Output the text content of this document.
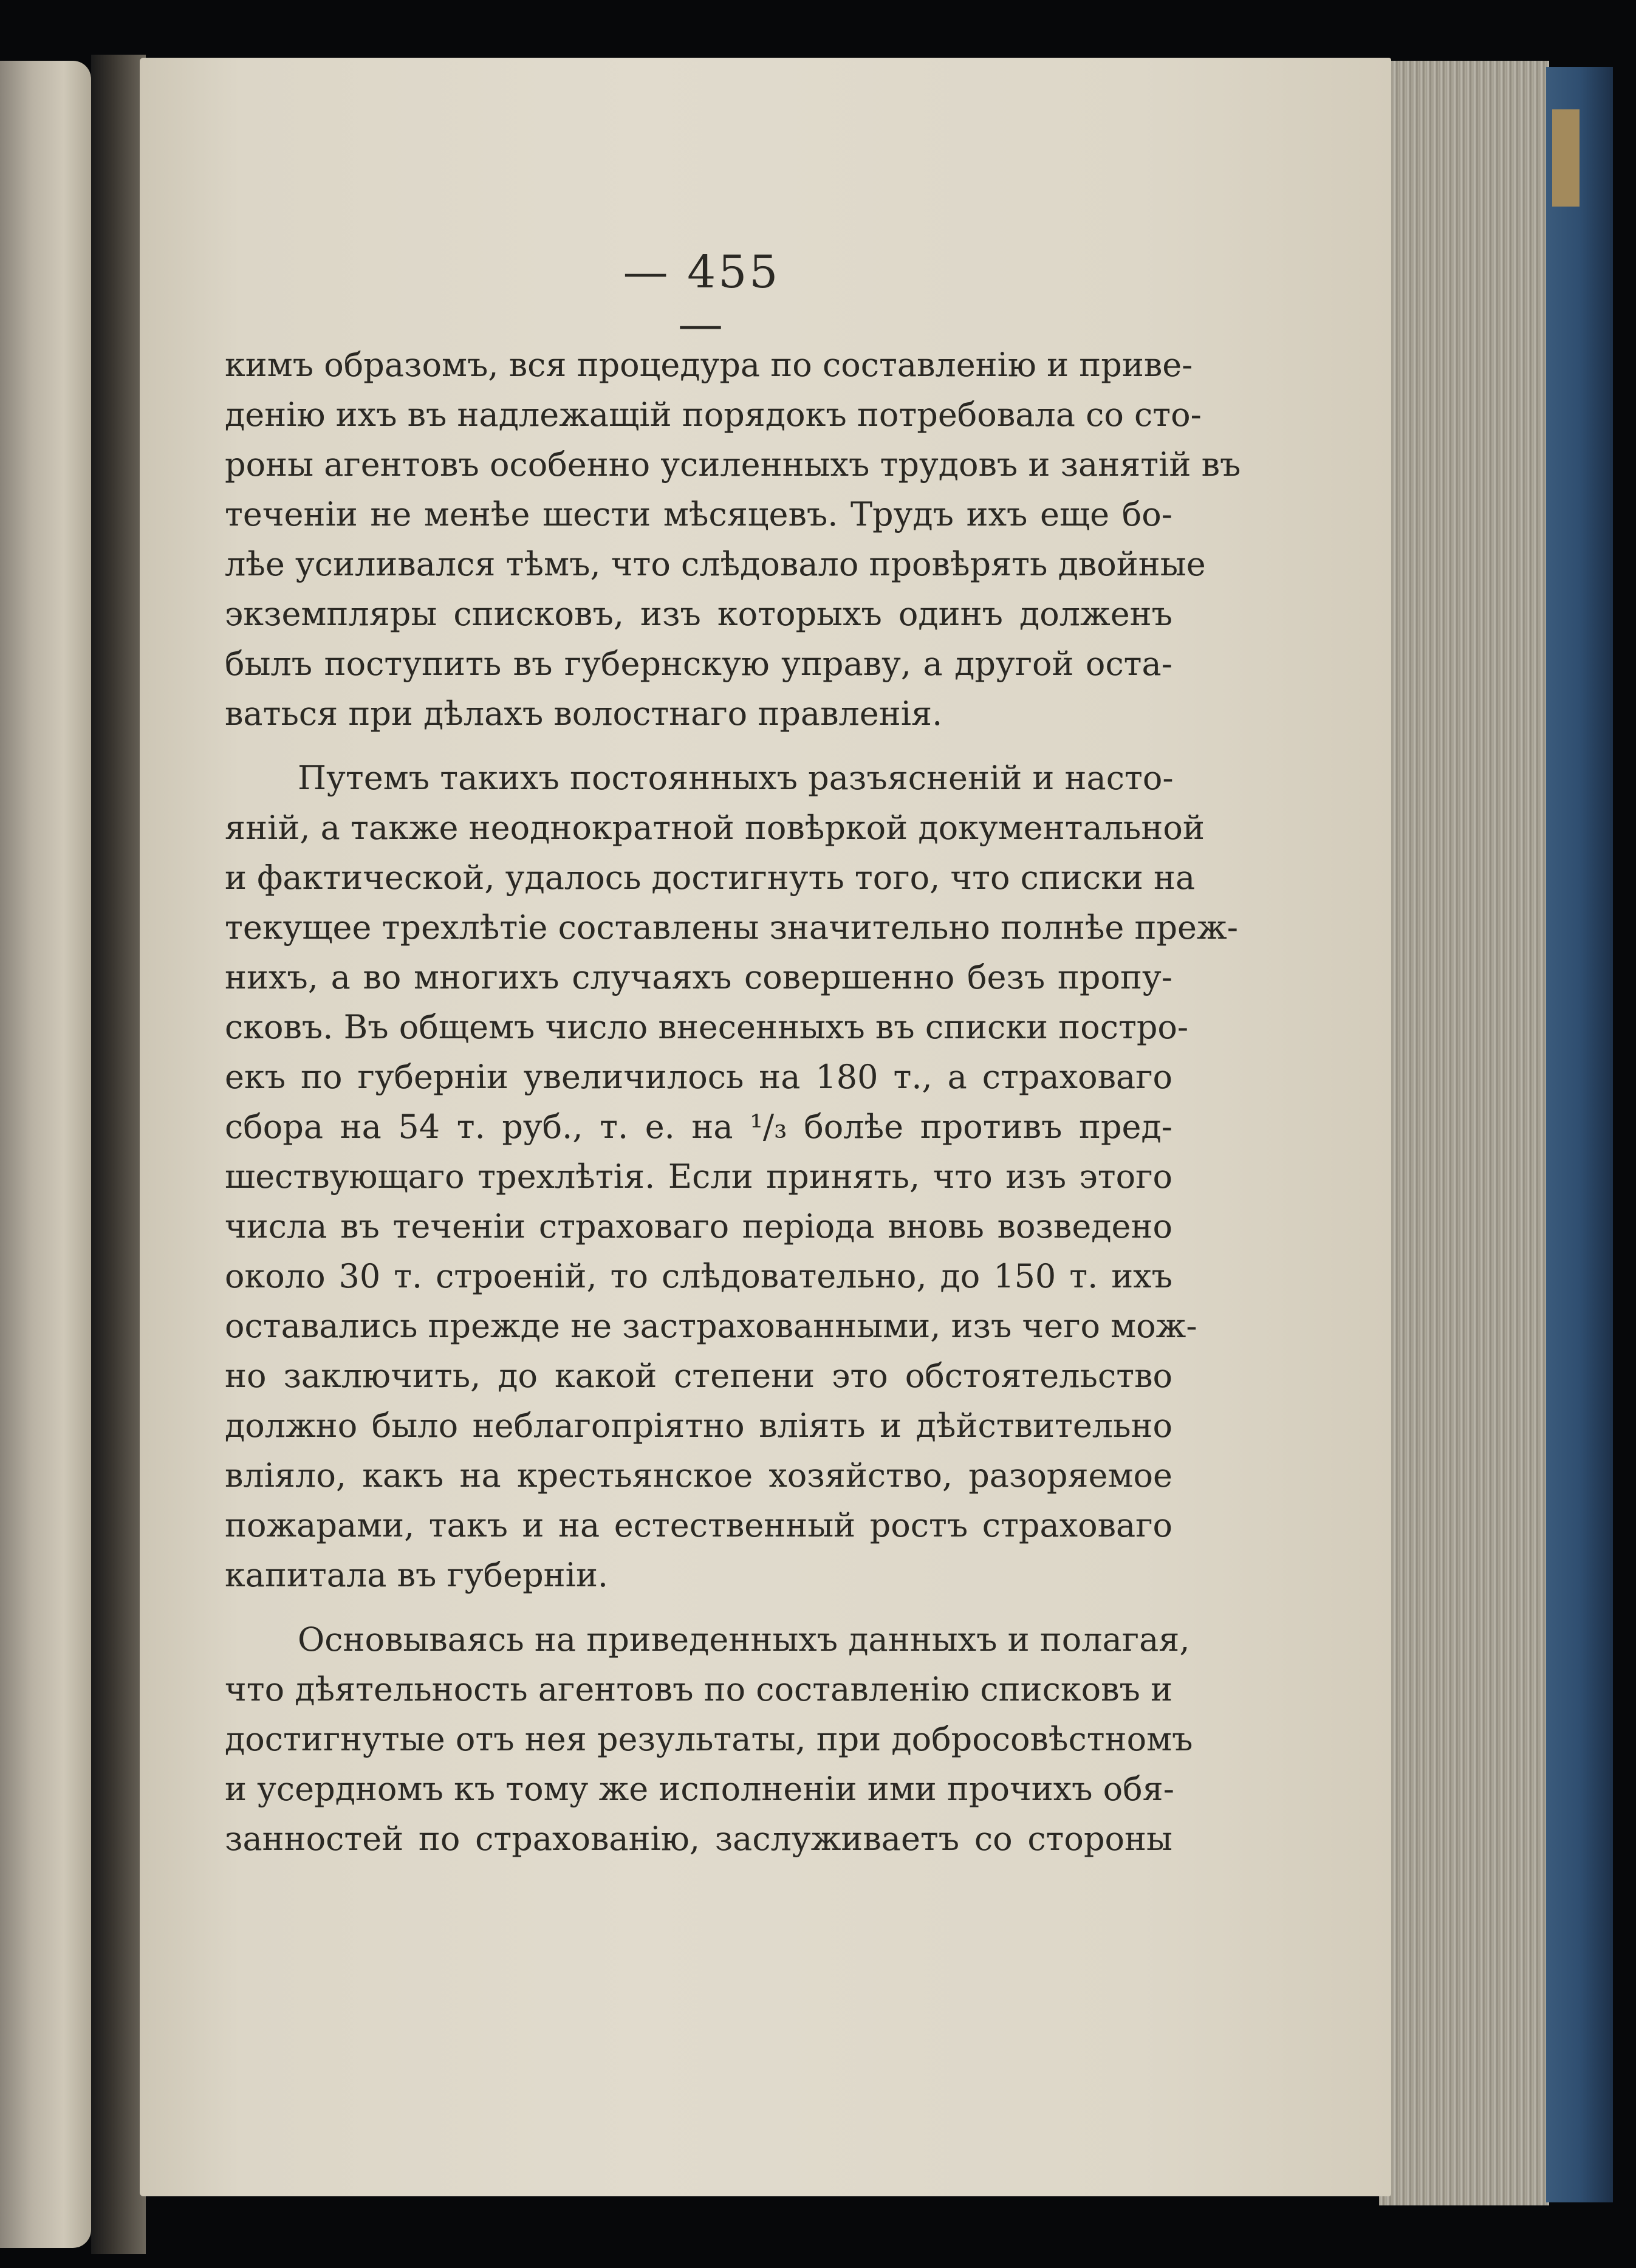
— 455 —
кимъ образомъ, вся процедура по составленію и приве-
денію ихъ въ надлежащій порядокъ потребовала со сто-
роны агентовъ особенно усиленныхъ трудовъ и занятій въ
теченіи не менѣе шести мѣсяцевъ. Трудъ ихъ еще бо-
лѣе усиливался тѣмъ, что слѣдовало провѣрять двойные
экземпляры списковъ, изъ которыхъ одинъ долженъ
былъ поступить въ губернскую управу, а другой оста-
ваться при дѣлахъ волостнаго правленія.
Путемъ такихъ постоянныхъ разъясненій и насто-
яній, а также неоднократной повѣркой документальной
и фактической, удалось достигнуть того, что списки на
текущее трехлѣтіе составлены значительно полнѣе преж-
нихъ, а во многихъ случаяхъ совершенно безъ пропу-
сковъ. Въ общемъ число внесенныхъ въ списки постро-
екъ по губерніи увеличилось на 180 т., а страховаго
сбора на 54 т. руб., т. е. на ¹/₃ болѣе противъ пред-
шествующаго трехлѣтія. Если принять, что изъ этого
числа въ теченіи страховаго періода вновь возведено
около 30 т. строеній, то слѣдовательно, до 150 т. ихъ
оставались прежде не застрахованными, изъ чего мож-
но заключить, до какой степени это обстоятельство
должно было неблагопріятно влiять и дѣйствительно
вліяло, какъ на крестьянское хозяйство, разоряемое
пожарами, такъ и на естественный ростъ страховаго
капитала въ губерніи.
Основываясь на приведенныхъ данныхъ и полагая,
что дѣятельность агентовъ по составленію списковъ и
достигнутые отъ нея результаты, при добросовѣстномъ
и усердномъ къ тому же исполненіи ими прочихъ обя-
занностей по страхованію, заслуживаетъ со стороны
